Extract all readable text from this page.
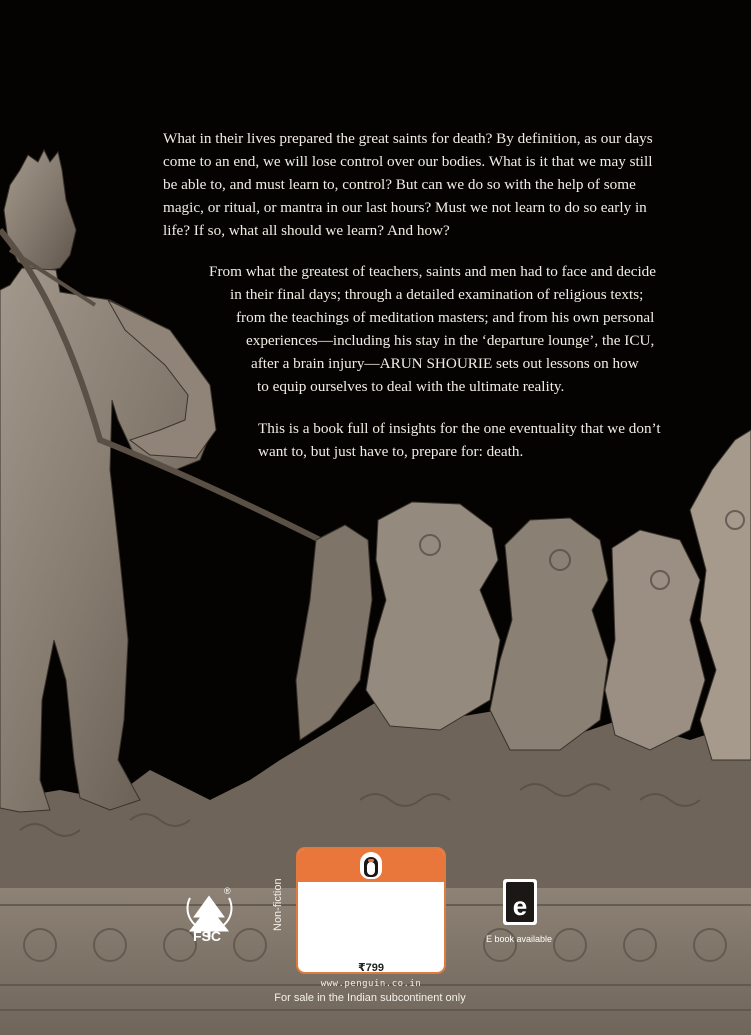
e

What in their lives prepared the great saints for death? By definition, as our days
come to an end, we will lose control over our bodies. What is it that we may still
be able to, and must learn to, control? But can we do so with the help of some
magic, or ritual, or mantra in our last hours? Must we not learn to do so early in
life? If so, what all should we learn? And how?

From what the greatest of teachers, saints and men had to face and decide
in their final days; through a detailed examination of religious texts;
from the teachings of meditation masters; and from his own personal
experiences—including his stay in the ‘departure lounge’, the ICU,
after a brain injury—ARUN SHOURIE sets out lessons on how
to equip ourselves to deal with the ultimate reality.

This is a book full of insights for the one eventuality that we don’t
want to, but just have to, prepare for: death.

FSC
®	Non-fiction
₹799
www.penguin.co.in
E book available
For sale in the Indian subcontinent only
